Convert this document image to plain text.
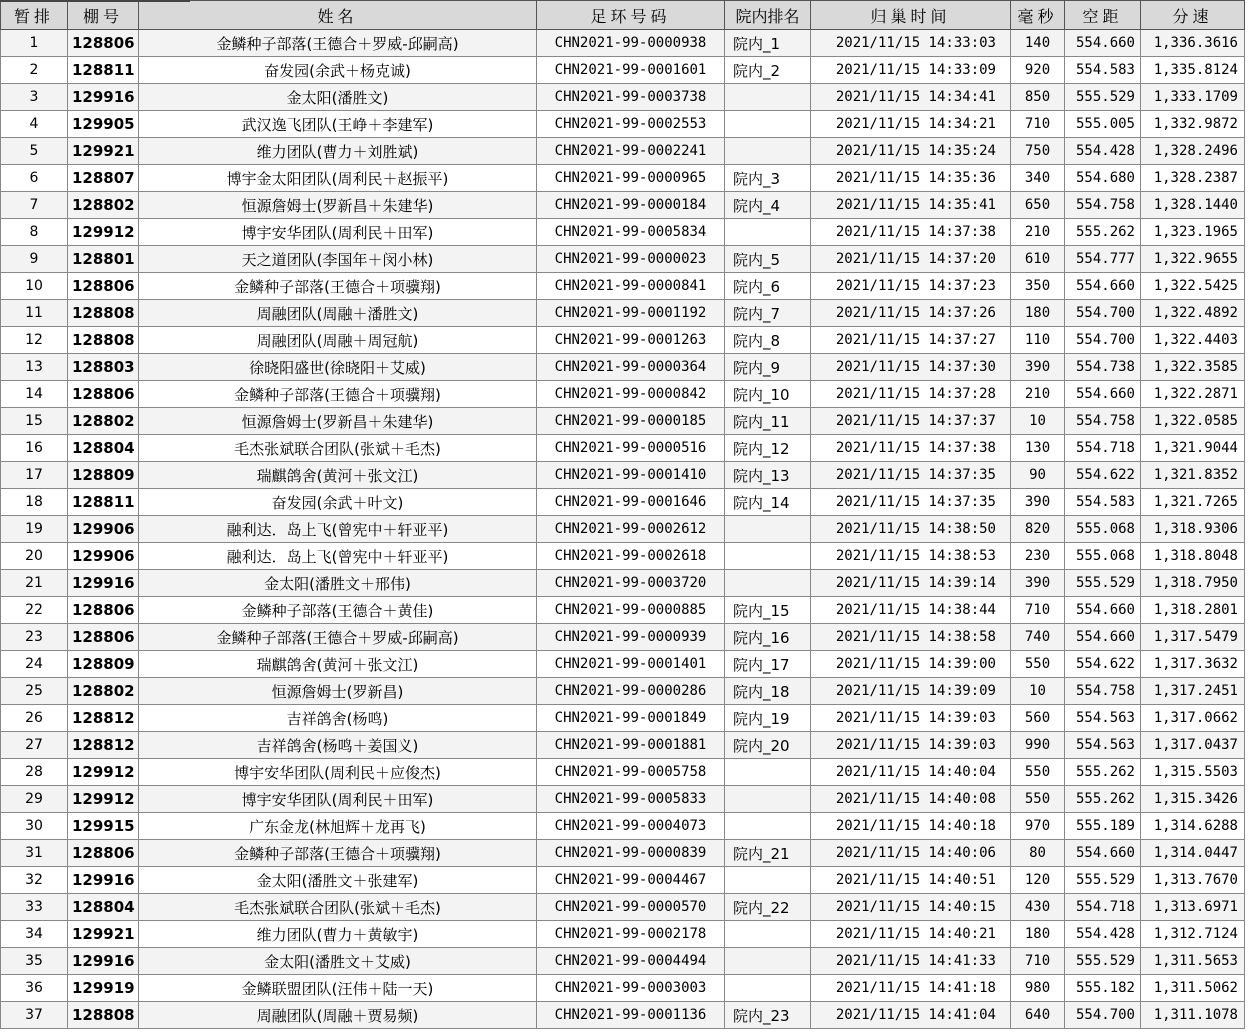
暂排	棚号	姓名	足环号码	院内排名	归巢时间	毫秒	空距	分速
1	128806	金鳞种子部落(王德合＋罗威-邱嗣高)	CHN2021-99-0000938	院内_1	2021/11/15 14:33:03	140	554.660	1,336.3616
2	128811	奋发园(余武＋杨克诚)	CHN2021-99-0001601	院内_2	2021/11/15 14:33:09	920	554.583	1,335.8124
3	129916	金太阳(潘胜文)	CHN2021-99-0003738		2021/11/15 14:34:41	850	555.529	1,333.1709
4	129905	武汉逸飞团队(王峥＋李建军)	CHN2021-99-0002553		2021/11/15 14:34:21	710	555.005	1,332.9872
5	129921	维力团队(曹力＋刘胜斌)	CHN2021-99-0002241		2021/11/15 14:35:24	750	554.428	1,328.2496
6	128807	博宇金太阳团队(周利民＋赵振平)	CHN2021-99-0000965	院内_3	2021/11/15 14:35:36	340	554.680	1,328.2387
7	128802	恒源詹姆士(罗新昌＋朱建华)	CHN2021-99-0000184	院内_4	2021/11/15 14:35:41	650	554.758	1,328.1440
8	129912	博宇安华团队(周利民＋田军)	CHN2021-99-0005834		2021/11/15 14:37:38	210	555.262	1,323.1965
9	128801	天之道团队(李国年＋闵小林)	CHN2021-99-0000023	院内_5	2021/11/15 14:37:20	610	554.777	1,322.9655
10	128806	金鳞种子部落(王德合＋项骥翔)	CHN2021-99-0000841	院内_6	2021/11/15 14:37:23	350	554.660	1,322.5425
11	128808	周融团队(周融＋潘胜文)	CHN2021-99-0001192	院内_7	2021/11/15 14:37:26	180	554.700	1,322.4892
12	128808	周融团队(周融＋周冠航)	CHN2021-99-0001263	院内_8	2021/11/15 14:37:27	110	554.700	1,322.4403
13	128803	徐晓阳盛世(徐晓阳＋艾威)	CHN2021-99-0000364	院内_9	2021/11/15 14:37:30	390	554.738	1,322.3585
14	128806	金鳞种子部落(王德合＋项骥翔)	CHN2021-99-0000842	院内_10	2021/11/15 14:37:28	210	554.660	1,322.2871
15	128802	恒源詹姆士(罗新昌＋朱建华)	CHN2021-99-0000185	院内_11	2021/11/15 14:37:37	10	554.758	1,322.0585
16	128804	毛杰张斌联合团队(张斌＋毛杰)	CHN2021-99-0000516	院内_12	2021/11/15 14:37:38	130	554.718	1,321.9044
17	128809	瑞麒鸽舍(黄河＋张文江)	CHN2021-99-0001410	院内_13	2021/11/15 14:37:35	90	554.622	1,321.8352
18	128811	奋发园(余武＋叶文)	CHN2021-99-0001646	院内_14	2021/11/15 14:37:35	390	554.583	1,321.7265
19	129906	融利达．岛上飞(曾宪中＋轩亚平)	CHN2021-99-0002612		2021/11/15 14:38:50	820	555.068	1,318.9306
20	129906	融利达．岛上飞(曾宪中＋轩亚平)	CHN2021-99-0002618		2021/11/15 14:38:53	230	555.068	1,318.8048
21	129916	金太阳(潘胜文＋邢伟)	CHN2021-99-0003720		2021/11/15 14:39:14	390	555.529	1,318.7950
22	128806	金鳞种子部落(王德合＋黄佳)	CHN2021-99-0000885	院内_15	2021/11/15 14:38:44	710	554.660	1,318.2801
23	128806	金鳞种子部落(王德合＋罗威-邱嗣高)	CHN2021-99-0000939	院内_16	2021/11/15 14:38:58	740	554.660	1,317.5479
24	128809	瑞麒鸽舍(黄河＋张文江)	CHN2021-99-0001401	院内_17	2021/11/15 14:39:00	550	554.622	1,317.3632
25	128802	恒源詹姆士(罗新昌)	CHN2021-99-0000286	院内_18	2021/11/15 14:39:09	10	554.758	1,317.2451
26	128812	吉祥鸽舍(杨鸣)	CHN2021-99-0001849	院内_19	2021/11/15 14:39:03	560	554.563	1,317.0662
27	128812	吉祥鸽舍(杨鸣＋姜国义)	CHN2021-99-0001881	院内_20	2021/11/15 14:39:03	990	554.563	1,317.0437
28	129912	博宇安华团队(周利民＋应俊杰)	CHN2021-99-0005758		2021/11/15 14:40:04	550	555.262	1,315.5503
29	129912	博宇安华团队(周利民＋田军)	CHN2021-99-0005833		2021/11/15 14:40:08	550	555.262	1,315.3426
30	129915	广东金龙(林旭辉＋龙再飞)	CHN2021-99-0004073		2021/11/15 14:40:18	970	555.189	1,314.6288
31	128806	金鳞种子部落(王德合＋项骥翔)	CHN2021-99-0000839	院内_21	2021/11/15 14:40:06	80	554.660	1,314.0447
32	129916	金太阳(潘胜文＋张建军)	CHN2021-99-0004467		2021/11/15 14:40:51	120	555.529	1,313.7670
33	128804	毛杰张斌联合团队(张斌＋毛杰)	CHN2021-99-0000570	院内_22	2021/11/15 14:40:15	430	554.718	1,313.6971
34	129921	维力团队(曹力＋黄敏宇)	CHN2021-99-0002178		2021/11/15 14:40:21	180	554.428	1,312.7124
35	129916	金太阳(潘胜文＋艾威)	CHN2021-99-0004494		2021/11/15 14:41:33	710	555.529	1,311.5653
36	129919	金鳞联盟团队(汪伟＋陆一天)	CHN2021-99-0003003		2021/11/15 14:41:18	980	555.182	1,311.5062
37	128808	周融团队(周融＋贾易频)	CHN2021-99-0001136	院内_23	2021/11/15 14:41:04	640	554.700	1,311.1078
